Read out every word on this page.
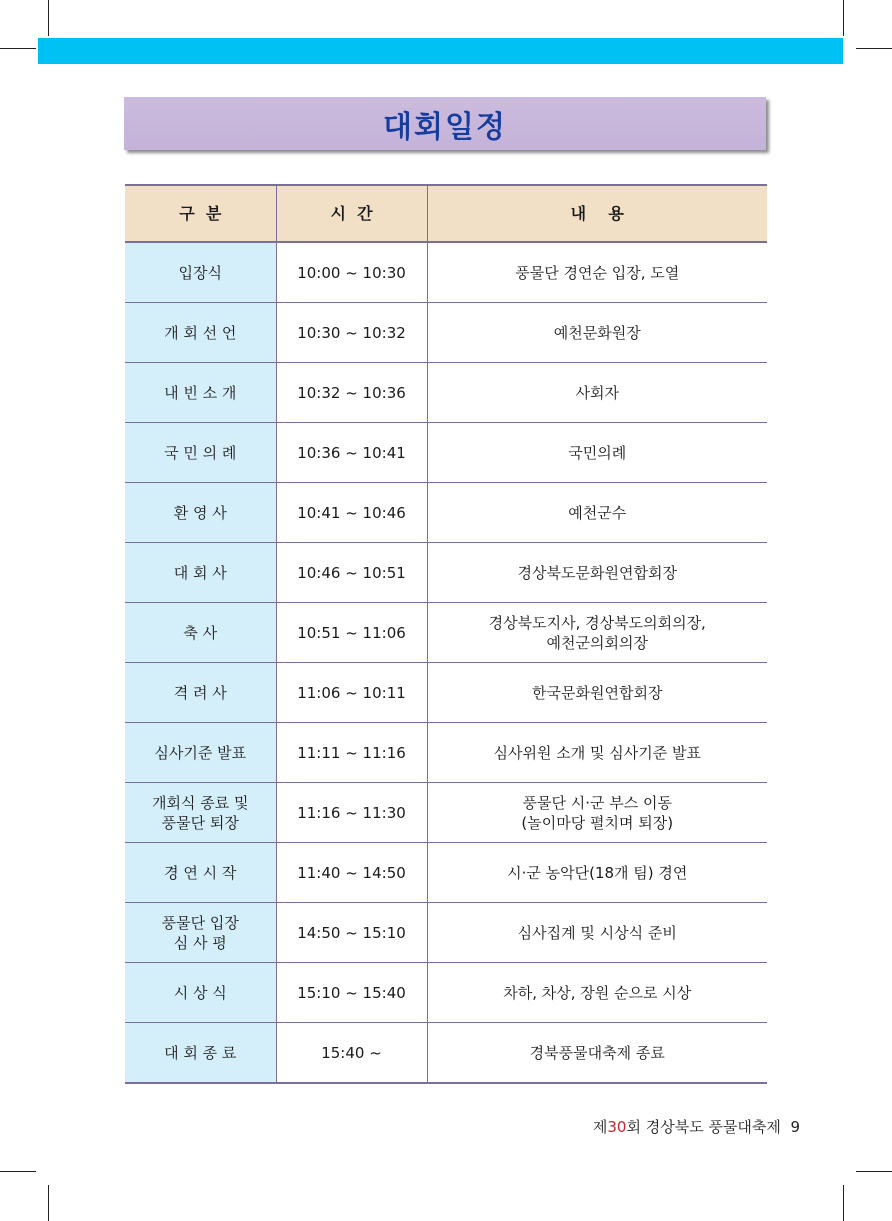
대회일정
구  분	시  간	내    용
입장식	10:00 ~ 10:30	풍물단 경연순 입장, 도열
개 회 선 언	10:30 ~ 10:32	예천문화원장
내 빈 소 개	10:32 ~ 10:36	사회자
국 민 의 례	10:36 ~ 10:41	국민의례
환 영 사	10:41 ~ 10:46	예천군수
대 회 사	10:46 ~ 10:51	경상북도문화원연합회장
축 사	10:51 ~ 11:06	경상북도지사, 경상북도의회의장,
예천군의회의장
격 려 사	11:06 ~ 10:11	한국문화원연합회장
심사기준 발표	11:11 ~ 11:16	심사위원 소개 및 심사기준 발표
개회식 종료 및
풍물단 퇴장	11:16 ~ 11:30	풍물단 시·군 부스 이동
(놀이마당 펼치며 퇴장)
경 연 시 작	11:40 ~ 14:50	시·군 농악단(18개 팀) 경연
풍물단 입장
심 사 평	14:50 ~ 15:10	심사집계 및 시상식 준비
시 상 식	15:10 ~ 15:40	차하, 차상, 장원 순으로 시상
대 회 종 료	15:40 ~	경북풍물대축제 종료
제30회 경상북도 풍물대축제 9
